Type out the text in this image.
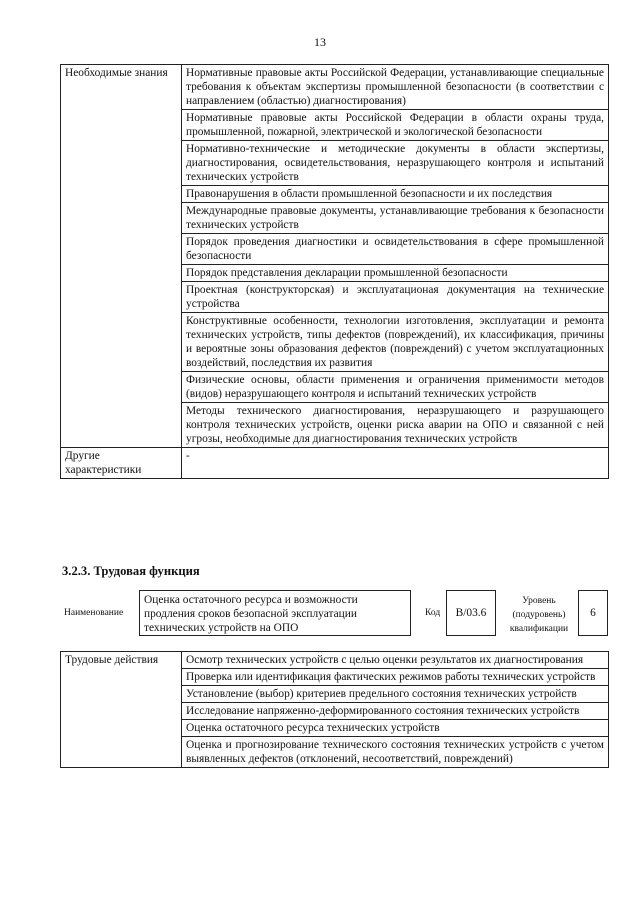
13
Необходимые знания	Нормативные правовые акты Российской Федерации, устанавливающие специальные требования к объектам экспертизы промышленной безопасности (в соответствии с направлением (областью) диагностирования)
	Нормативные правовые акты Российской Федерации в области охраны труда, промышленной, пожарной, электрической и экологической безопасности
	Нормативно-технические и методические документы в области экспертизы, диагностирования, освидетельствования, неразрушающего контроля и испытаний технических устройств
	Правонарушения в области промышленной безопасности и их последствия
	Международные правовые документы, устанавливающие требования к безопасности технических устройств
	Порядок проведения диагностики и освидетельствования в сфере промышленной безопасности
	Порядок представления декларации промышленной безопасности
	Проектная (конструкторская) и эксплуатационая документация на технические устройства
	Конструктивные особенности, технологии изготовления, эксплуатации и ремонта технических устройств, типы дефектов (повреждений), их классификация, причины и вероятные зоны образования дефектов (повреждений) с учетом эксплуатационных воздействий, последствия их развития
	Физические основы, области применения и ограничения применимости методов (видов) неразрушающего контроля и испытаний технических устройств
	Методы технического диагностирования, неразрушающего и разрушающего контроля технических устройств, оценки риска аварии на ОПО и связанной с ней угрозы, необходимые для диагностирования технических устройств
Другие характеристики	-
3.2.3. Трудовая функция
Наименование
Оценка остаточного ресурса и возможности продления сроков безопасной эксплуатации технических устройств на ОПО
Код	В/03.6
Уровень (подуровень) квалификации
6
Трудовые действия	Осмотр технических устройств с целью оценки результатов их диагностирования
Проверка или идентификация фактических режимов работы технических устройств
Установление (выбор) критериев предельного состояния технических устройств
Исследование напряженно-деформированного состояния технических устройств
Оценка остаточного ресурса технических устройств
Оценка и прогнозирование технического состояния технических устройств с учетом выявленных дефектов (отклонений, несоответствий, повреждений)
